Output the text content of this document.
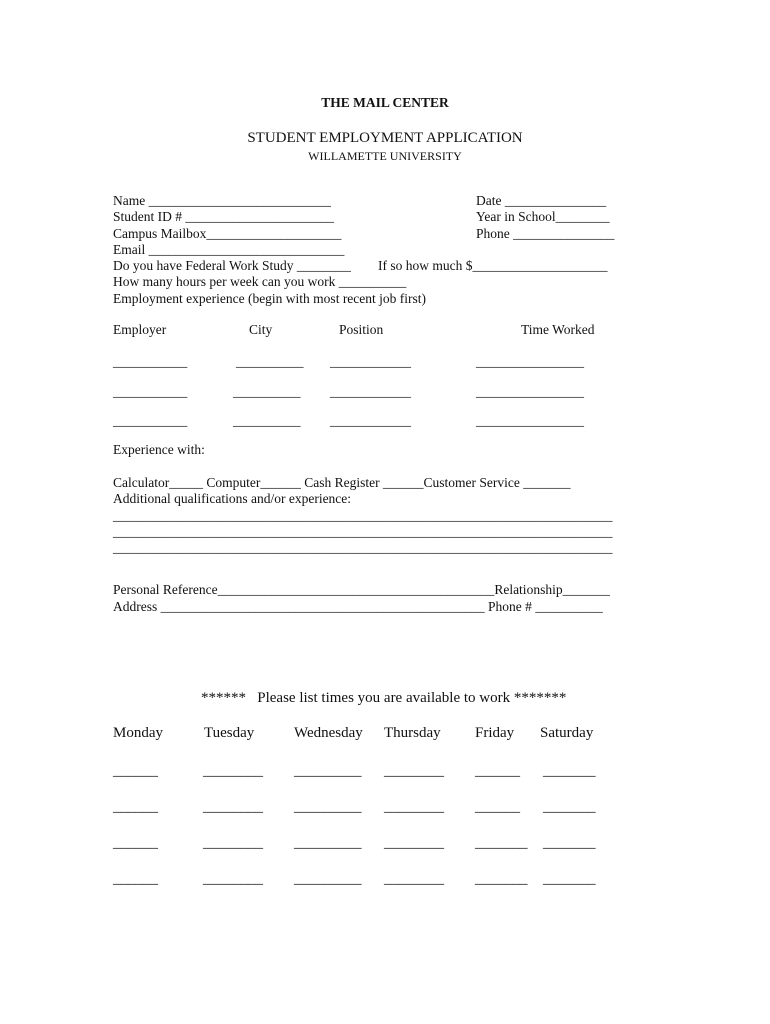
THE MAIL CENTER
STUDENT EMPLOYMENT APPLICATION
WILLAMETTE UNIVERSITY
Name ___________________________	Date _______________
Student ID # ______________________	Year in School________
Campus Mailbox____________________	Phone _______________
Email _____________________________
Do you have Federal Work Study ________ If so how much $____________________
How many hours per week can you work __________
Employment experience (begin with most recent job first)
Employer	City	Position	Time Worked
___________	__________ ____________	________________
___________	__________ ____________	________________
___________	__________ ____________	________________
Experience with:
Calculator_____ Computer______ Cash Register ______Customer Service _______
Additional qualifications and/or experience:
__________________________________________________________________________
__________________________________________________________________________
__________________________________________________________________________
Personal Reference_________________________________________Relationship_______
Address ________________________________________________ Phone # __________
******   Please list times you are available to work *******
Monday	Tuesday	Wednesday Thursday Friday Saturday
______	________ _________ ________ ______ _______
______	________ _________ ________ ______ _______
______	________ _________ ________ _______ _______
______	________ _________ ________ _______ _______
